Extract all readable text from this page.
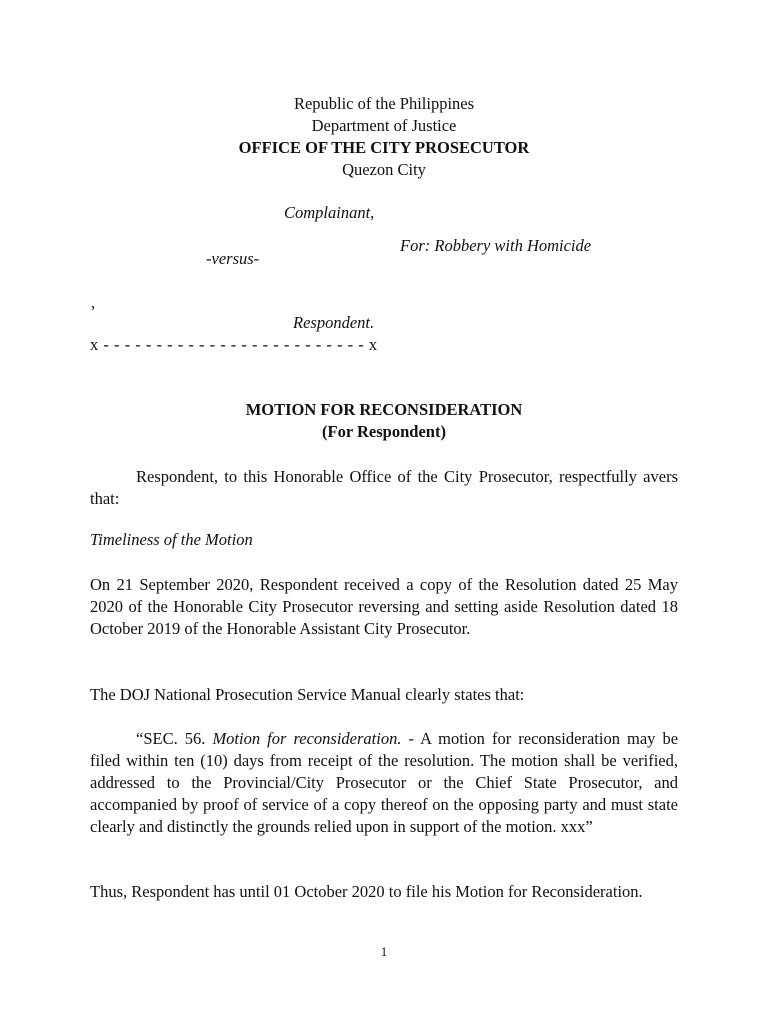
Republic of the Philippines
Department of Justice
OFFICE OF THE CITY PROSECUTOR
Quezon City
Complainant,
For: Robbery with Homicide
-versus-
,
Respondent.
x - - - - - - - - - - - - - - - - - - - - - - - - - x
MOTION FOR RECONSIDERATION
(For Respondent)

Respondent, to this Honorable Office of the City Prosecutor, respectfully avers that:

Timeliness of the Motion

On 21 September 2020, Respondent received a copy of the Resolution dated 25 May 2020 of the Honorable City Prosecutor reversing and setting aside Resolution dated 18 October 2019 of the Honorable Assistant City Prosecutor.

The DOJ National Prosecution Service Manual clearly states that:

“SEC. 56. Motion for reconsideration. - A motion for reconsideration may be filed within ten (10) days from receipt of the resolution. The motion shall be verified, addressed to the Provincial/City Prosecutor or the Chief State Prosecutor, and accompanied by proof of service of a copy thereof on the opposing party and must state clearly and distinctly the grounds relied upon in support of the motion. xxx”

Thus, Respondent has until 01 October 2020 to file his Motion for Reconsideration.

1
